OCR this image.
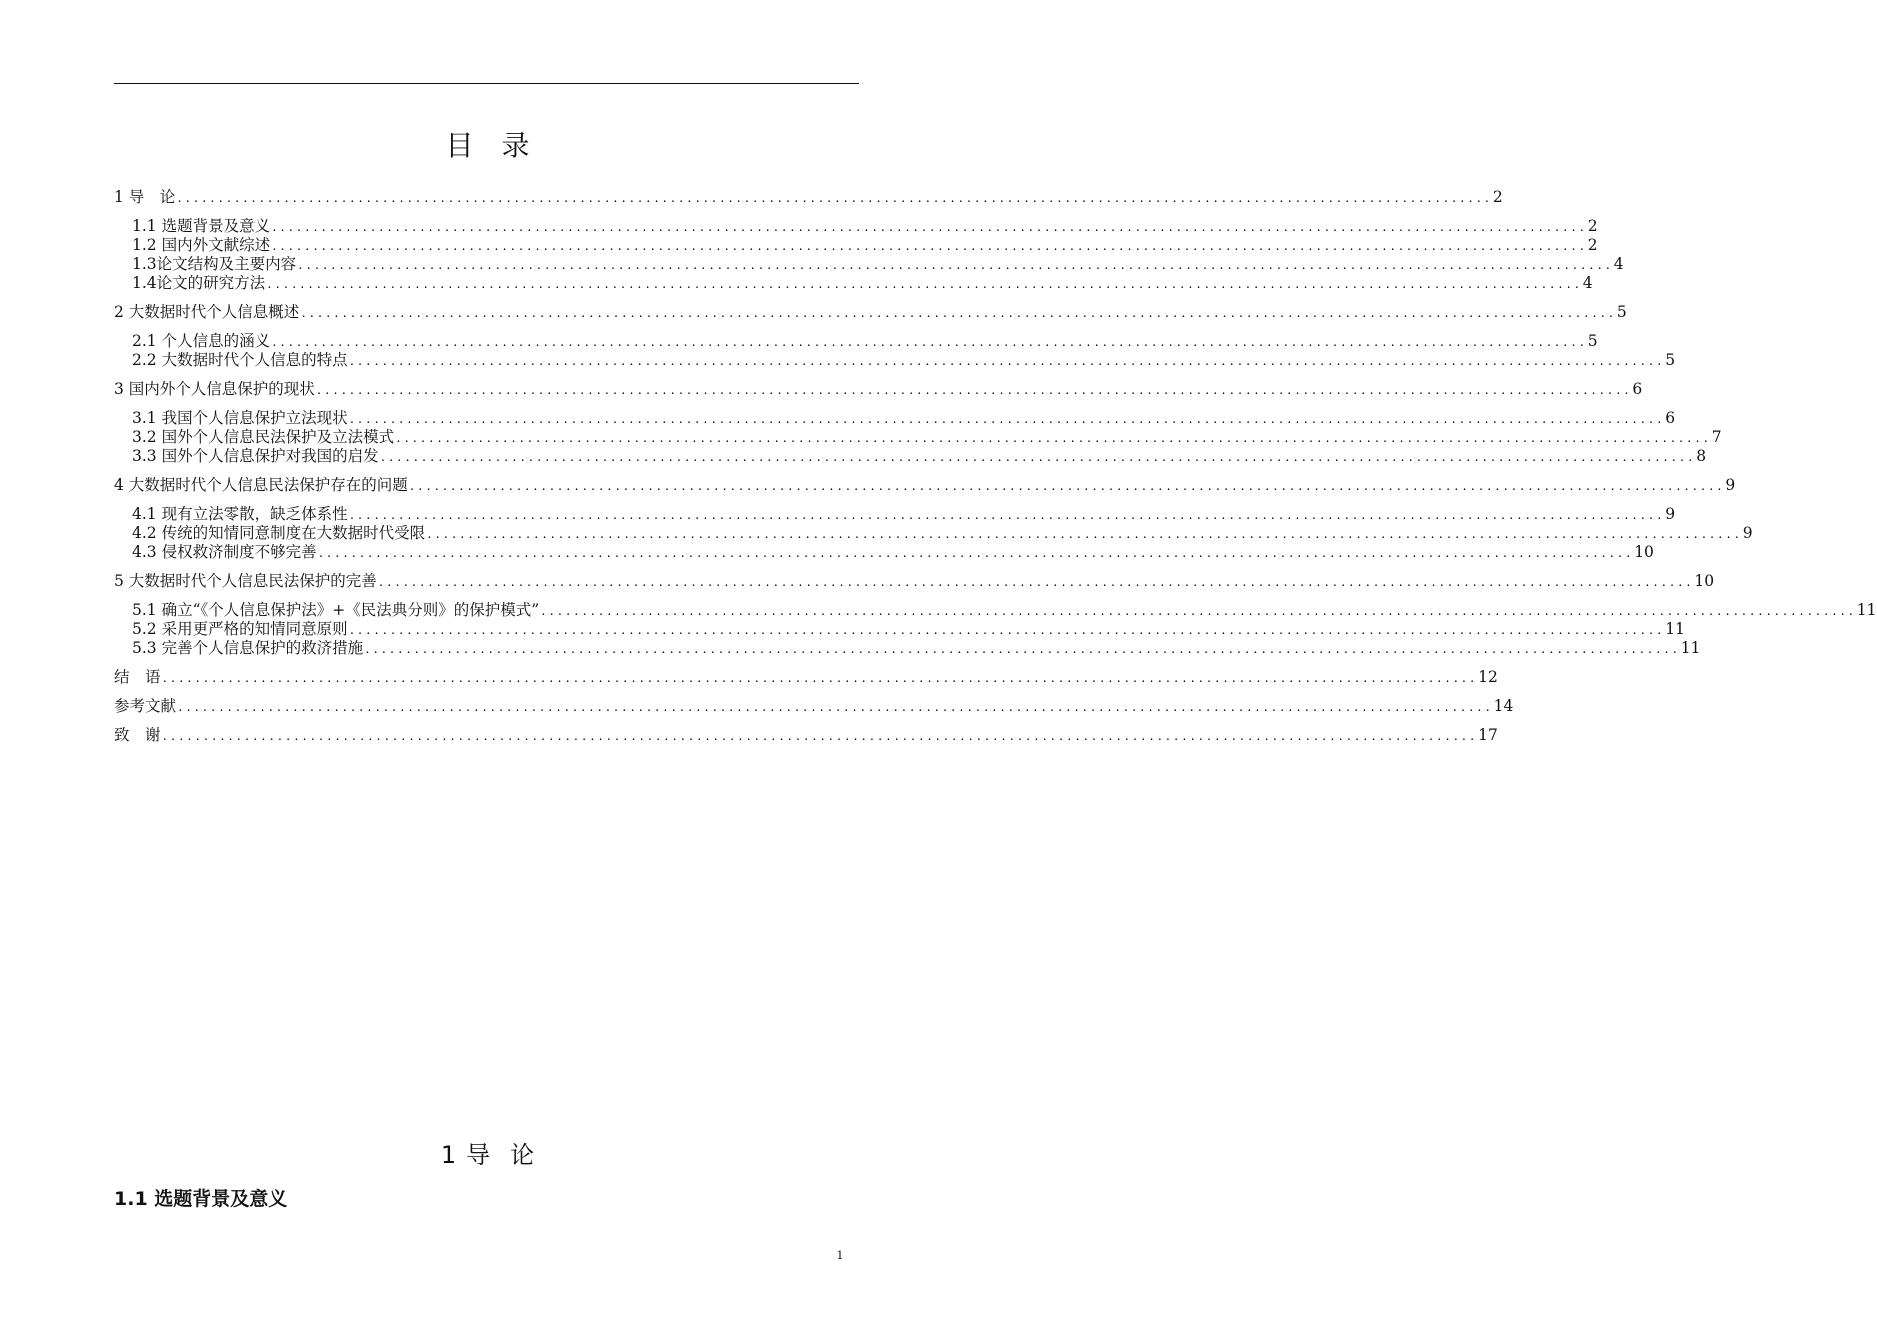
目 录
1 导　论 ................................................................................................................................................................ 2
1.1 选题背景及意义 ................................................................................................................................................................ 2
1.2 国内外文献综述 ................................................................................................................................................................ 2
1.3论文结构及主要内容 ................................................................................................................................................................ 4
1.4论文的研究方法 ................................................................................................................................................................ 4
2 大数据时代个人信息概述 ................................................................................................................................................................ 5
2.1 个人信息的涵义 ................................................................................................................................................................ 5
2.2 大数据时代个人信息的特点 ................................................................................................................................................................ 5
3 国内外个人信息保护的现状 ................................................................................................................................................................ 6
3.1 我国个人信息保护立法现状 ................................................................................................................................................................ 6
3.2 国外个人信息民法保护及立法模式 ................................................................................................................................................................ 7
3.3 国外个人信息保护对我国的启发 ................................................................................................................................................................ 8
4 大数据时代个人信息民法保护存在的问题 ................................................................................................................................................................ 9
4.1 现有立法零散，缺乏体系性 ................................................................................................................................................................ 9
4.2 传统的知情同意制度在大数据时代受限 ................................................................................................................................................................ 9
4.3 侵权救济制度不够完善 ................................................................................................................................................................ 10
5 大数据时代个人信息民法保护的完善 ................................................................................................................................................................ 10
5.1 确立“《个人信息保护法》+《民法典分则》的保护模式” ................................................................................................................................................................ 11
5.2 采用更严格的知情同意原则 ................................................................................................................................................................ 11
5.3 完善个人信息保护的救济措施 ................................................................................................................................................................ 11
结　语 ................................................................................................................................................................ 12
参考文献 ................................................................................................................................................................ 14
致　谢 ................................................................................................................................................................ 17
1 导 论
1.1 选题背景及意义
1
